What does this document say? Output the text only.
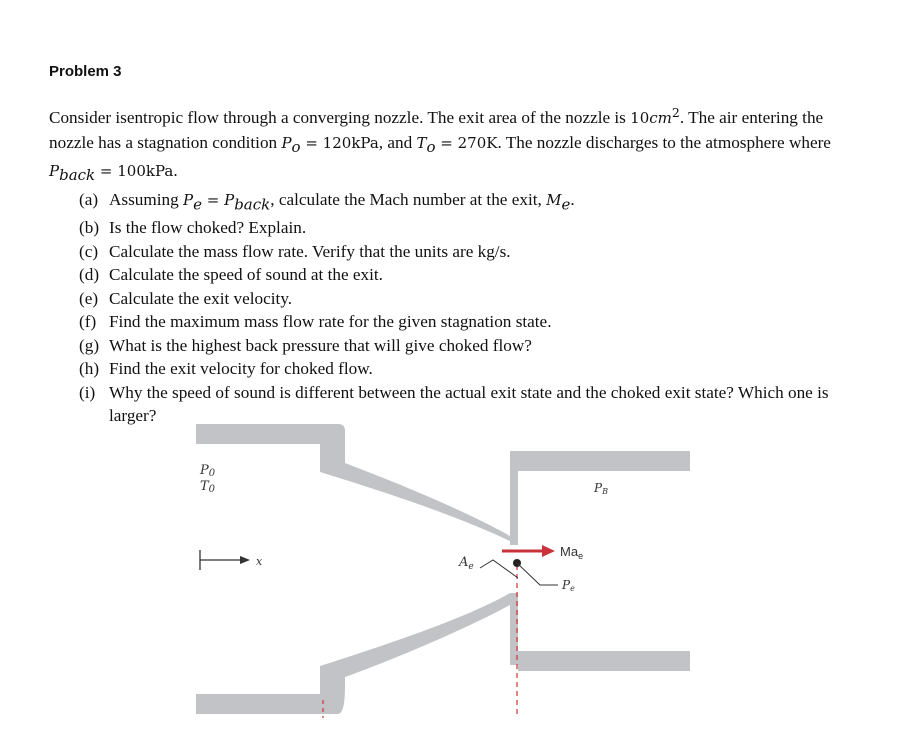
Problem 3

Consider isentropic flow through a converging nozzle. The exit area of the nozzle is $10cm^2$. The air entering the nozzle has a stagnation condition $P_o = 120kPa$, and $T_o = 270K$. The nozzle discharges to the atmosphere where $P_{back} = 100kPa$.

(a) Assuming $P_e = P_{back}$, calculate the Mach number at the exit, $M_e$.
(b) Is the flow choked? Explain.
(c) Calculate the mass flow rate. Verify that the units are kg/s.
(d) Calculate the speed of sound at the exit.
(e) Calculate the exit velocity.
(f) Find the maximum mass flow rate for the given stagnation state.
(g) What is the highest back pressure that will give choked flow?
(h) Find the exit velocity for choked flow.
(i) Why the speed of sound is different between the actual exit state and the choked exit state? Which one is larger?
P0
T0	PB
x	$A_e$
$Ma_e$
Pe
